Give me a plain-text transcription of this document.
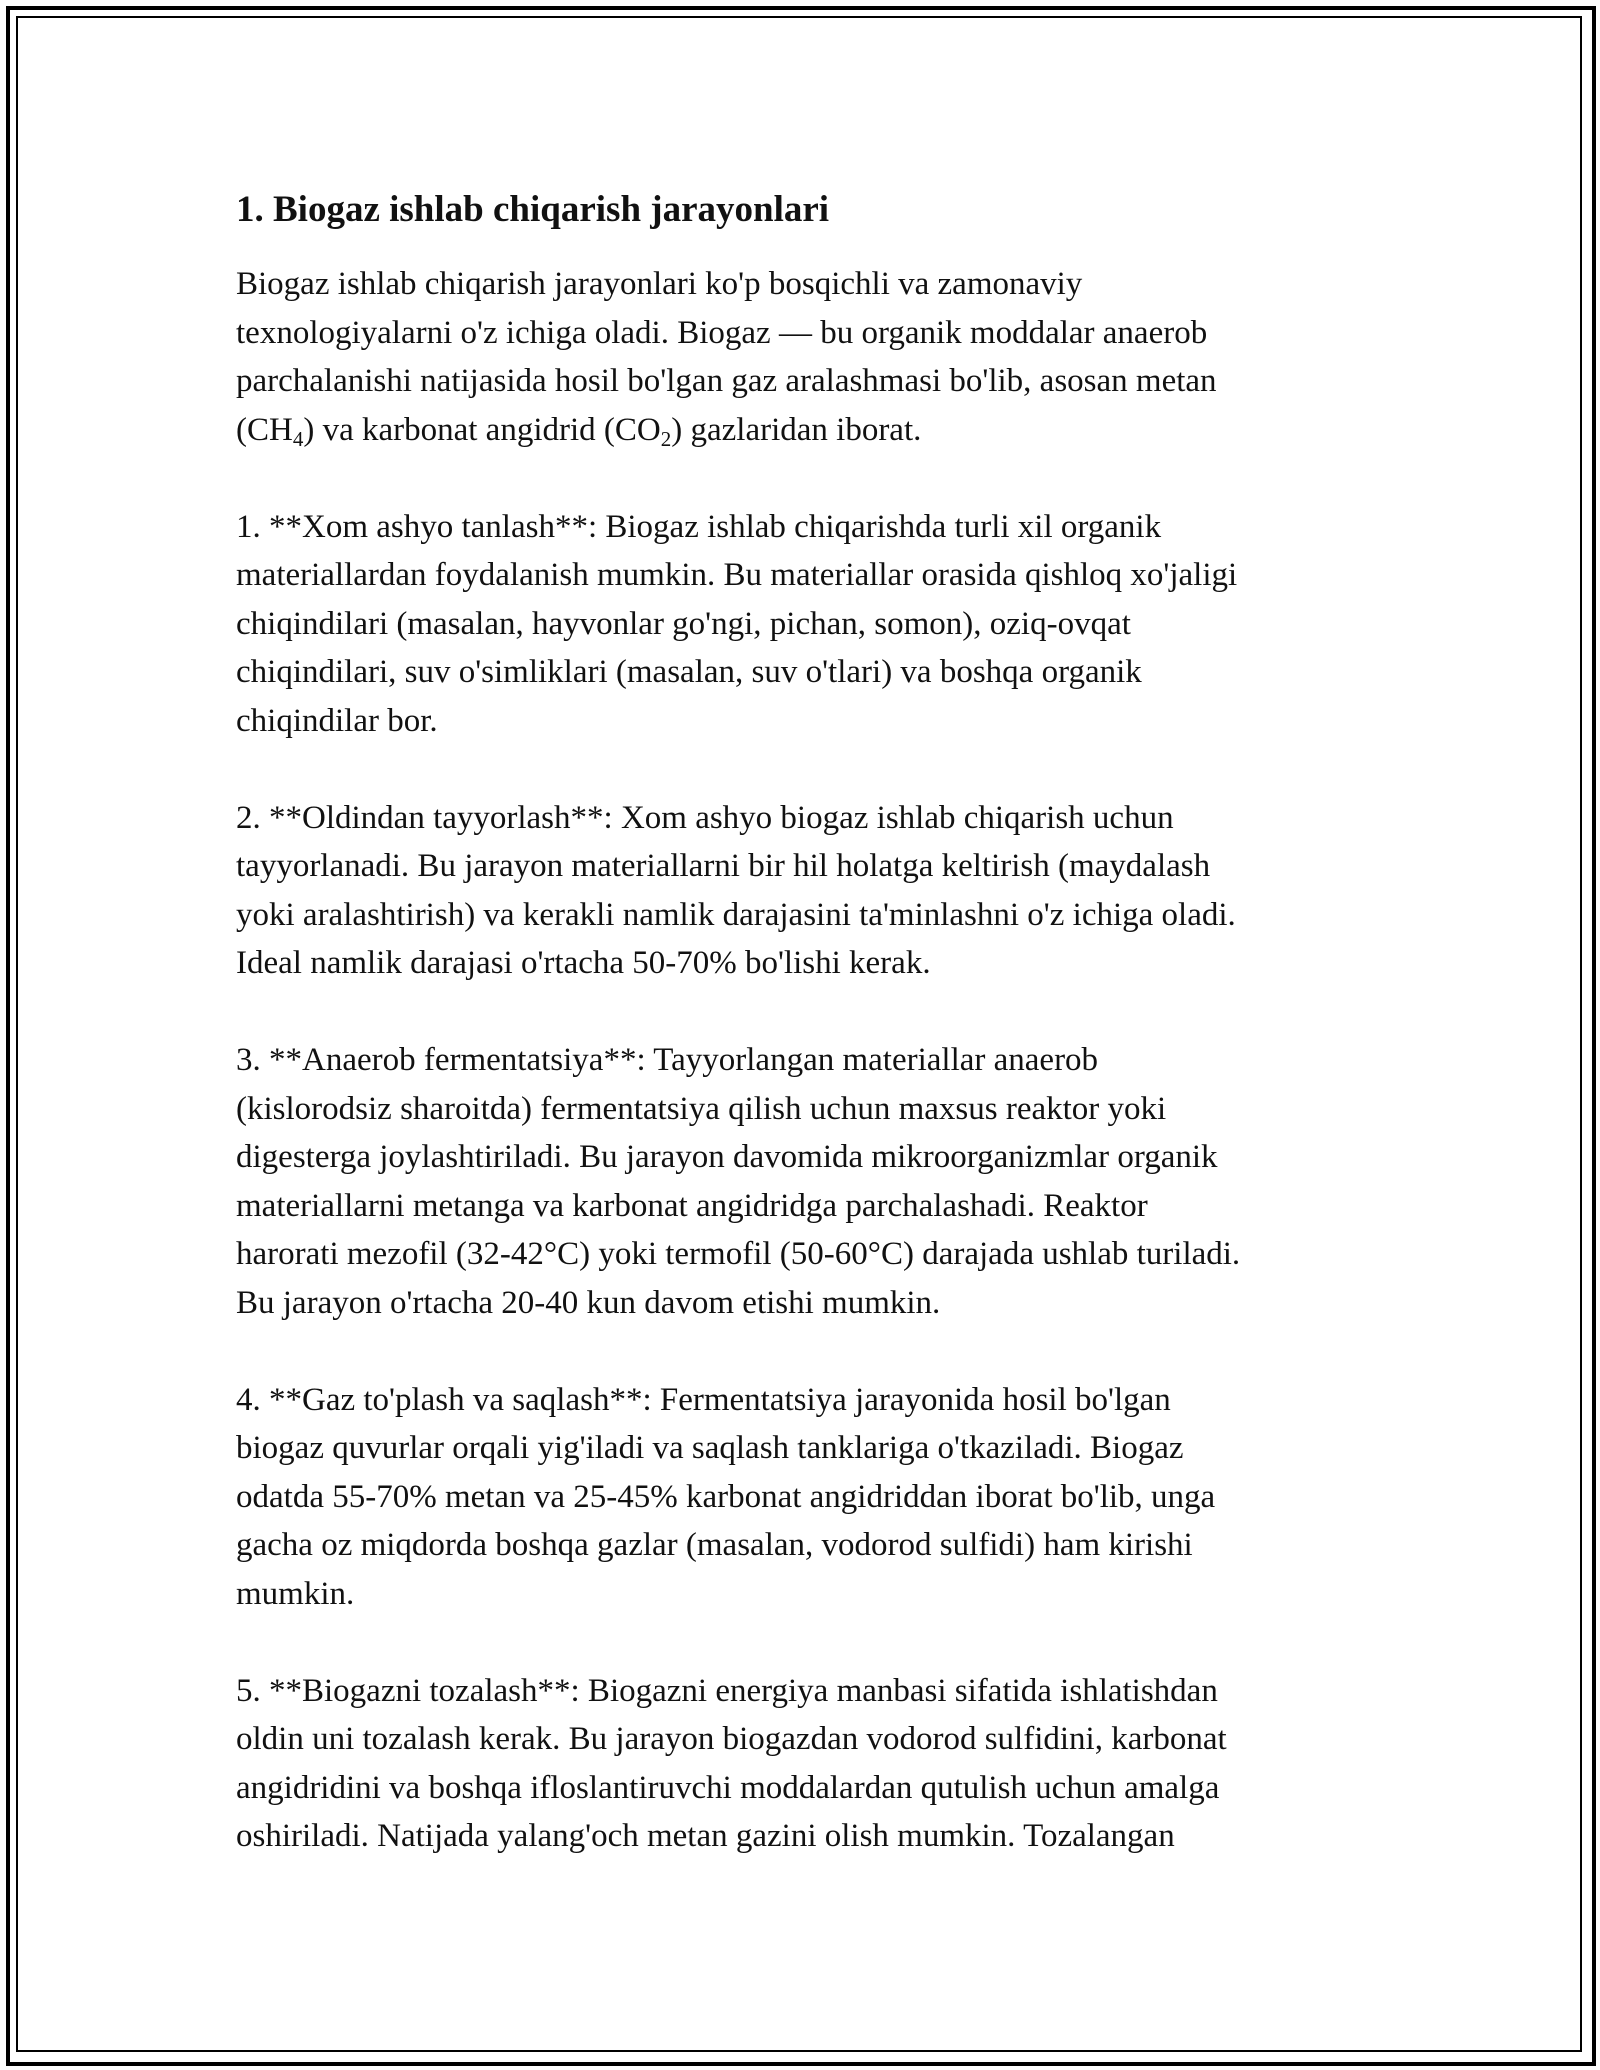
1. Biogaz ishlab chiqarish jarayonlari

Biogaz ishlab chiqarish jarayonlari ko'p bosqichli va zamonaviy
texnologiyalarni o'z ichiga oladi. Biogaz — bu organik moddalar anaerob
parchalanishi natijasida hosil bo'lgan gaz aralashmasi bo'lib, asosan metan
$(CH_4)$ va karbonat angidrid $(CO_2)$ gazlaridan iborat.

1. **Xom ashyo tanlash**: Biogaz ishlab chiqarishda turli xil organik
materiallardan foydalanish mumkin. Bu materiallar orasida qishloq xo'jaligi
chiqindilari (masalan, hayvonlar go'ngi, pichan, somon), oziq-ovqat
chiqindilari, suv o'simliklari (masalan, suv o'tlari) va boshqa organik
chiqindilar bor.

2. **Oldindan tayyorlash**: Xom ashyo biogaz ishlab chiqarish uchun
tayyorlanadi. Bu jarayon materiallarni bir hil holatga keltirish (maydalash
yoki aralashtirish) va kerakli namlik darajasini ta'minlashni o'z ichiga oladi.
Ideal namlik darajasi o'rtacha 50-70% bo'lishi kerak.

3. **Anaerob fermentatsiya**: Tayyorlangan materiallar anaerob
(kislorodsiz sharoitda) fermentatsiya qilish uchun maxsus reaktor yoki
digesterga joylashtiriladi. Bu jarayon davomida mikroorganizmlar organik
materiallarni metanga va karbonat angidridga parchalashadi. Reaktor
harorati mezofil (32-42°C) yoki termofil (50-60°C) darajada ushlab turiladi.
Bu jarayon o'rtacha 20-40 kun davom etishi mumkin.

4. **Gaz to'plash va saqlash**: Fermentatsiya jarayonida hosil bo'lgan
biogaz quvurlar orqali yig'iladi va saqlash tanklariga o'tkaziladi. Biogaz
odatda 55-70% metan va 25-45% karbonat angidriddan iborat bo'lib, unga
gacha oz miqdorda boshqa gazlar (masalan, vodorod sulfidi) ham kirishi
mumkin.

5. **Biogazni tozalash**: Biogazni energiya manbasi sifatida ishlatishdan
oldin uni tozalash kerak. Bu jarayon biogazdan vodorod sulfidini, karbonat
angidridini va boshqa ifloslantiruvchi moddalardan qutulish uchun amalga
oshiriladi. Natijada yalang'och metan gazini olish mumkin. Tozalangan
